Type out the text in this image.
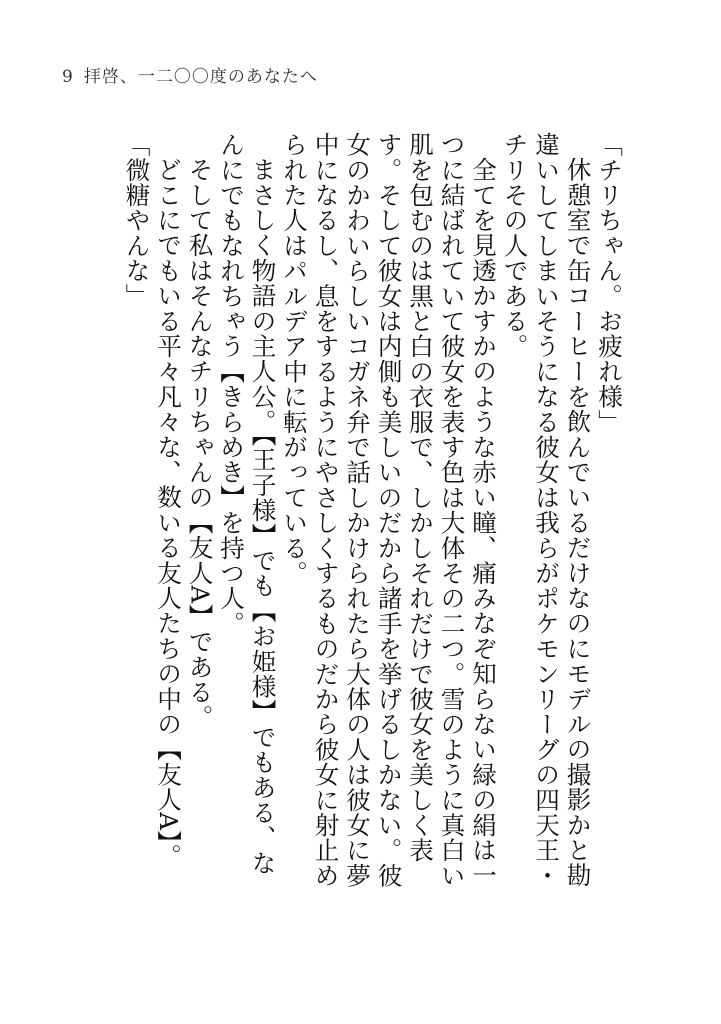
9 拝啓、一二〇〇度のあなたへ

「チリちゃん。お疲れ様」

休憩室で缶コーヒーを飲んでいるだけなのにモデルの撮影かと勘違いしてしまいそうになる彼女は我らがポケモンリーグの四天王・チリその人である。

全てを見透かすかのような赤い瞳、痛みなぞ知らない緑の絹は一つに結ばれていて彼女を表す色は大体その二つ。雪のように真白い肌を包むのは黒と白の衣服で、しかしそれだけで彼女を美しく表す。そして彼女は内側も美しいのだから諸手を挙げるしかない。彼女のかわいらしいコガネ弁で話しかけられたら大体の人は彼女に夢中になるし、息をするようにやさしくするものだから彼女に射止められた人はパルデア中に転がっている。

まさしく物語の主人公。【王子様】でも【お姫様】でもある、なんにでもなれちゃう【きらめき】を持つ人。

そして私はそんなチリちゃんの【友人A】である。

どこにでもいる平々凡々な、数いる友人たちの中の【友人A】。

「微糖やんな」
